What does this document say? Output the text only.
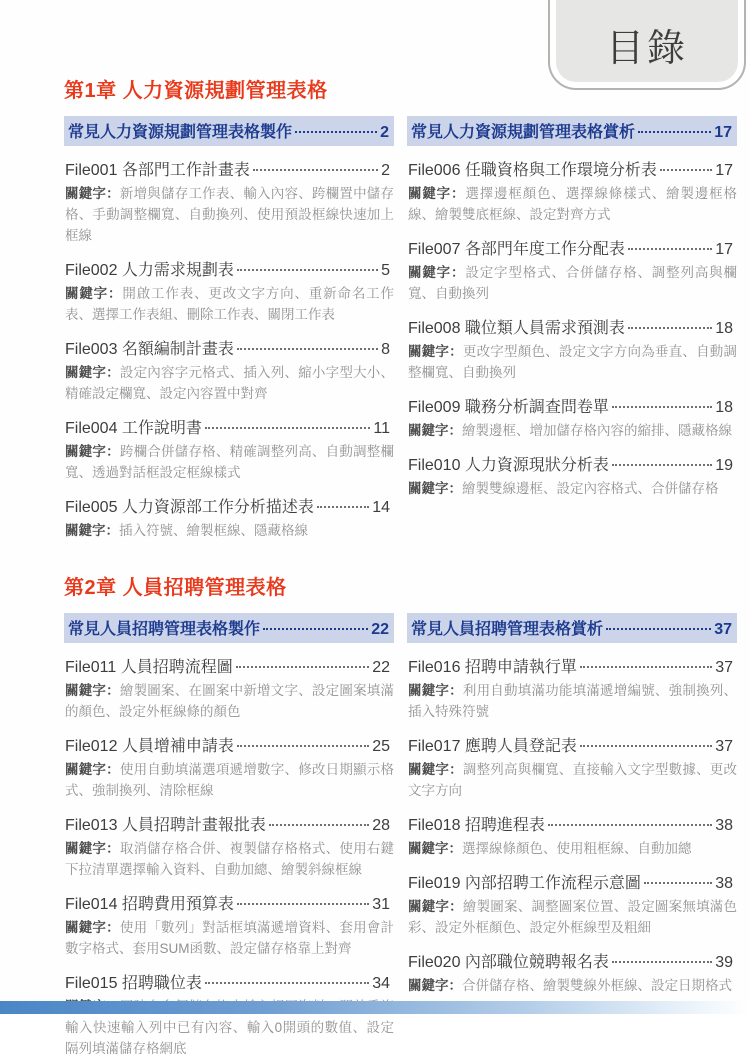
目錄
第1章 人力資源規劃管理表格
常見人力資源規劃管理表格製作	2
File001 各部門工作計畫表	2

關鍵字：新增與儲存工作表、輸入內容、跨欄置中儲存格、手動調整欄寬、自動換列、使用預設框線快速加上框線

File002 人力需求規劃表	5

關鍵字：開啟工作表、更改文字方向、重新命名工作表、選擇工作表組、刪除工作表、關閉工作表

File003 名額編制計畫表	8

關鍵字：設定內容字元格式、插入列、縮小字型大小、精確設定欄寬、設定內容置中對齊

File004 工作說明書	11

關鍵字：跨欄合併儲存格、精確調整列高、自動調整欄寬、透過對話框設定框線樣式

File005 人力資源部工作分析描述表	14

關鍵字：插入符號、繪製框線、隱藏格線

常見人力資源規劃管理表格賞析	17
File006 任職資格與工作環境分析表	17

關鍵字：選擇邊框顏色、選擇線條樣式、繪製邊框格線、繪製雙底框線、設定對齊方式

File007 各部門年度工作分配表	17

關鍵字：設定字型格式、合併儲存格、調整列高與欄寬、自動換列

File008 職位類人員需求預測表	18

關鍵字：更改字型顏色、設定文字方向為垂直、自動調整欄寬、自動換列

File009 職務分析調查問卷單	18

關鍵字：繪製邊框、增加儲存格內容的縮排、隱藏格線

File010 人力資源現狀分析表	19

關鍵字：繪製雙線邊框、設定內容格式、合併儲存格

第2章 人員招聘管理表格
常見人員招聘管理表格製作	22
File011 人員招聘流程圖	22

關鍵字：繪製圖案、在圖案中新增文字、設定圖案填滿的顏色、設定外框線條的顏色

File012 人員增補申請表	25

關鍵字：使用自動填滿選項遞增數字、修改日期顯示格式、強制換列、清除框線

File013 人員招聘計畫報批表	28

關鍵字：取消儲存格合併、複製儲存格格式、使用右鍵下拉清單選擇輸入資料、自動加總、繪製斜線框線

File014 招聘費用預算表	31

關鍵字：使用「數列」對話框填滿遞增資料、套用會計數字格式、套用SUM函數、設定儲存格靠上對齊

File015 招聘職位表	34

輸入快速輸入列中已有內容、輸入0開頭的數值、設定隔列填滿儲存格網底

常見人員招聘管理表格賞析	37
File016 招聘申請執行單	37

關鍵字：利用自動填滿功能填滿遞增編號、強制換列、插入特殊符號

File017 應聘人員登記表	37

關鍵字：調整列高與欄寬、直接輸入文字型數據、更改文字方向

File018 招聘進程表	38

關鍵字：選擇線條顏色、使用粗框線、自動加總

File019 內部招聘工作流程示意圖	38

關鍵字：繪製圖案、調整圖案位置、設定圖案無填滿色彩、設定外框顏色、設定外框線型及粗細

File020 內部職位競聘報名表	39

關鍵字：合併儲存格、繪製雙線外框線、設定日期格式
